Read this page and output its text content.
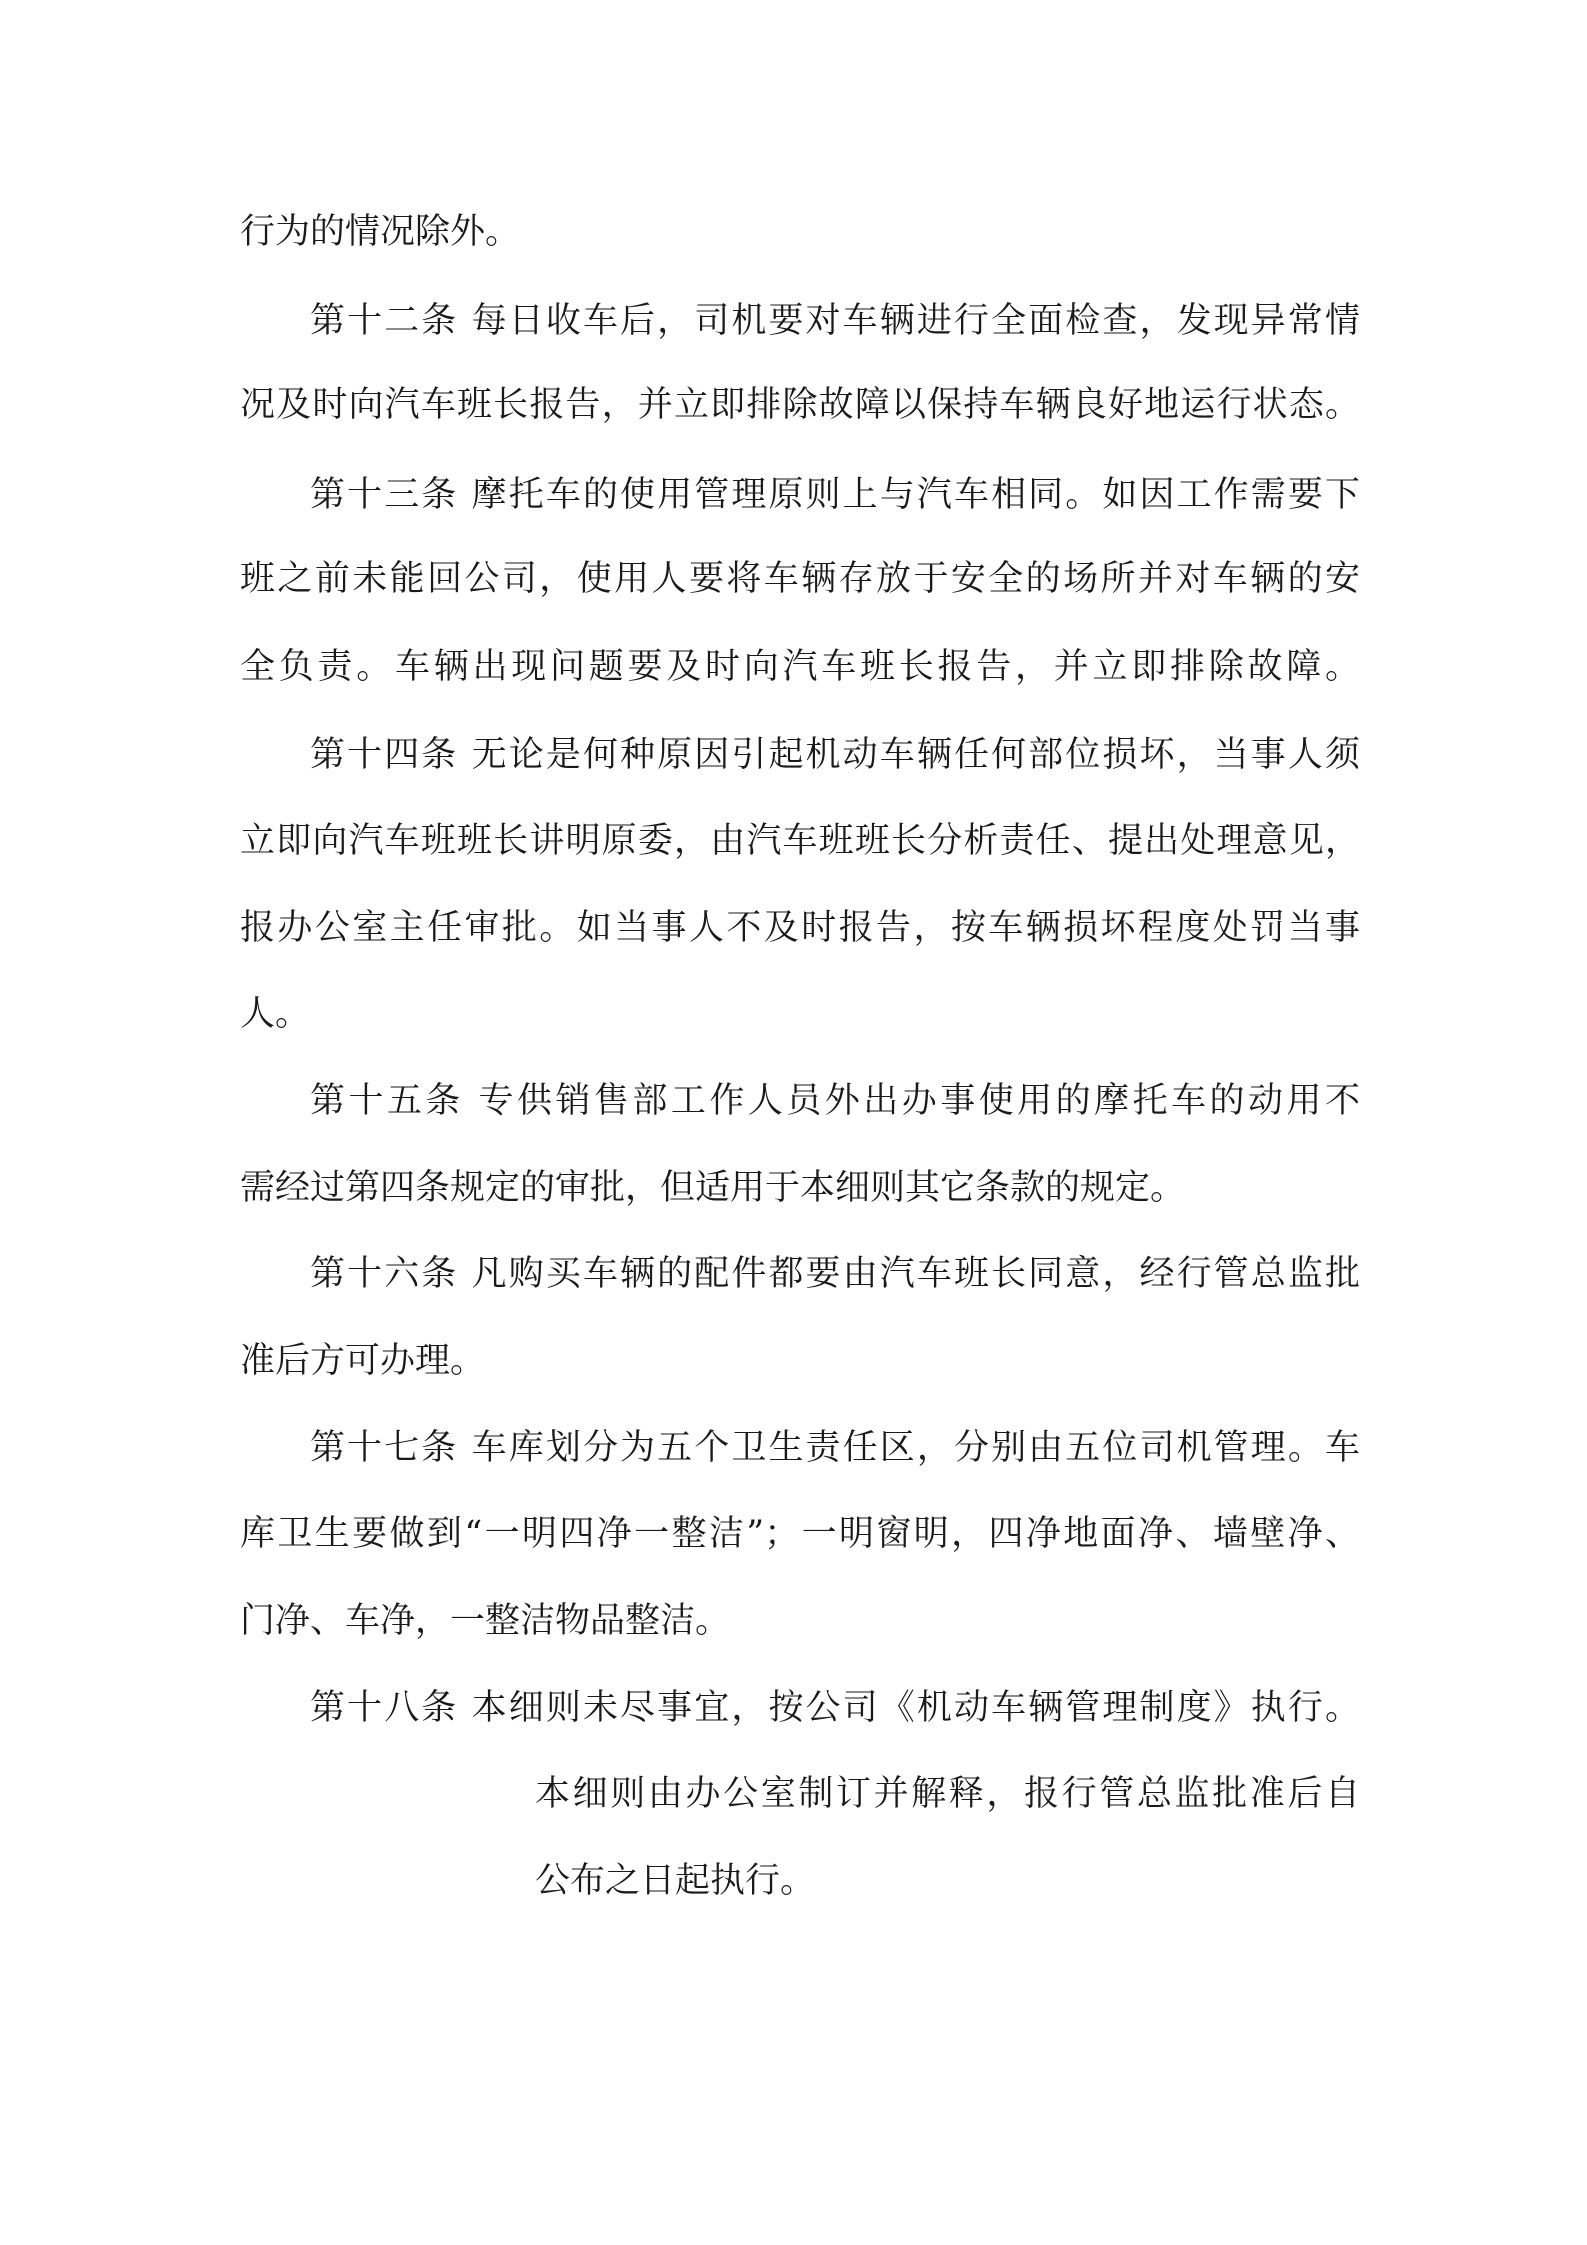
行为的情况除外。
第十二条 每日收车后，司机要对车辆进行全面检查，发现异常情
况及时向汽车班长报告，并立即排除故障以保持车辆良好地运行状态。
第十三条 摩托车的使用管理原则上与汽车相同。如因工作需要下
班之前未能回公司，使用人要将车辆存放于安全的场所并对车辆的安
全负责。车辆出现问题要及时向汽车班长报告，并立即排除故障。
第十四条 无论是何种原因引起机动车辆任何部位损坏，当事人须
立即向汽车班班长讲明原委，由汽车班班长分析责任、提出处理意见，
报办公室主任审批。如当事人不及时报告，按车辆损坏程度处罚当事
人。
第十五条 专供销售部工作人员外出办事使用的摩托车的动用不
需经过第四条规定的审批，但适用于本细则其它条款的规定。
第十六条 凡购买车辆的配件都要由汽车班长同意，经行管总监批
准后方可办理。
第十七条 车库划分为五个卫生责任区，分别由五位司机管理。车
库卫生要做到“一明四净一整洁”；一明窗明，四净地面净、墙壁净、
门净、车净，一整洁物品整洁。
第十八条 本细则未尽事宜，按公司《机动车辆管理制度》执行。
本细则由办公室制订并解释，报行管总监批准后自
公布之日起执行。
